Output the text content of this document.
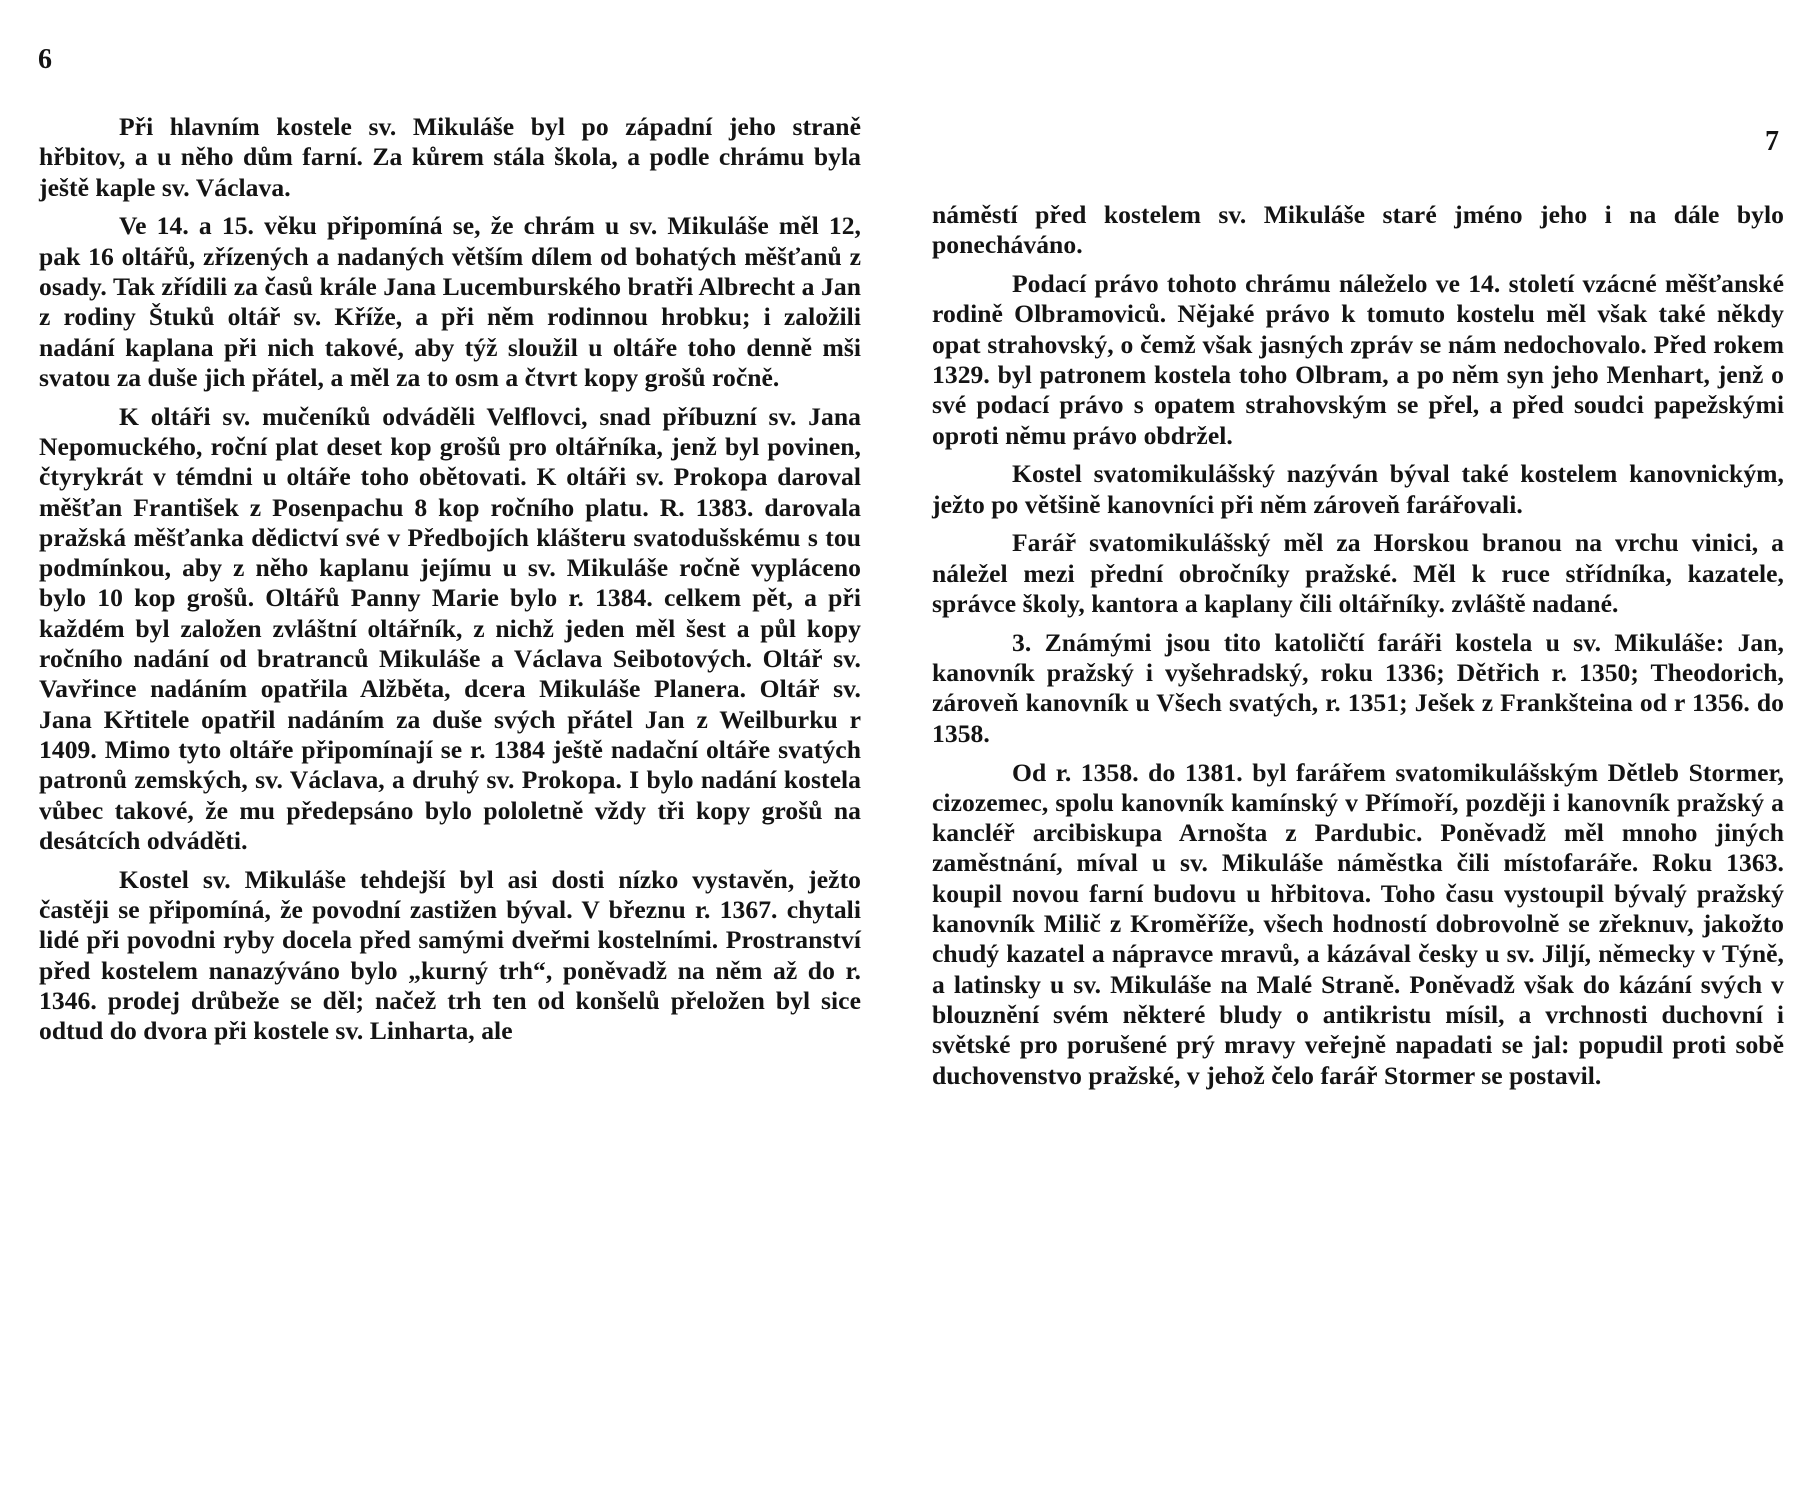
6

Při hlavním kostele sv. Mikuláše byl po západní jeho straně hřbitov, a u něho dům farní. Za kůrem stála škola, a podle chrámu byla ještě kaple sv. Václava.

Ve 14. a 15. věku připomíná se, že chrám u sv. Mikuláše měl 12, pak 16 oltářů, zřízených a nadaných větším dílem od bohatých měšťanů z osady. Tak zřídili za časů krále Jana Lucemburského bratři Albrecht a Jan z rodiny Štuků oltář sv. Kříže, a při něm rodinnou hrobku; i založili nadání kaplana při nich takové, aby týž sloužil u oltáře toho denně mši svatou za duše jich přátel, a měl za to osm a čtvrt kopy grošů ročně.

K oltáři sv. mučeníků odváděli Velflovci, snad příbuzní sv. Jana Nepomuckého, roční plat deset kop grošů pro oltářníka, jenž byl povinen, čtyrykrát v témdni u oltáře toho obětovati. K oltáři sv. Prokopa daroval měšťan František z Posenpachu 8 kop ročního platu. R. 1383. darovala pražská měšťanka dědictví své v Předbojích klášteru svatodušskému s tou podmínkou, aby z něho kaplanu jejímu u sv. Mikuláše ročně vypláceno bylo 10 kop grošů. Oltářů Panny Marie bylo r. 1384. celkem pět, a při každém byl založen zvláštní oltářník, z nichž jeden měl šest a půl kopy ročního nadání od bratranců Mikuláše a Václava Seibotových. Oltář sv. Vavřince nadáním opatřila Alžběta, dcera Mikuláše Planera. Oltář sv. Jana Křtitele opatřil nadáním za duše svých přátel Jan z Weilburku r 1409. Mimo tyto oltáře připomínají se r. 1384 ještě nadační oltáře svatých patronů zemských, sv. Václava, a druhý sv. Prokopa. I bylo nadání kostela vůbec takové, že mu předepsáno bylo pololetně vždy tři kopy grošů na desátcích odváděti.

Kostel sv. Mikuláše tehdejší byl asi dosti nízko vystavěn, ježto častěji se připomíná, že povodní zastižen býval. V březnu r. 1367. chytali lidé při povodni ryby docela před samými dveřmi kostelními. Prostranství před kostelem nanazýváno bylo „kurný trh“, poněvadž na něm až do r. 1346. prodej drůbeže se děl; načež trh ten od konšelů přeložen byl sice odtud do dvora při kostele sv. Linharta, ale

7

náměstí před kostelem sv. Mikuláše staré jméno jeho i na dále bylo ponecháváno.

Podací právo tohoto chrámu náleželo ve 14. století vzácné měšťanské rodině Olbramoviců. Nějaké právo k tomuto kostelu měl však také někdy opat strahovský, o čemž však jasných zpráv se nám nedochovalo. Před rokem 1329. byl patronem kostela toho Olbram, a po něm syn jeho Menhart, jenž o své podací právo s opatem strahovským se přel, a před soudci papežskými oproti němu právo obdržel.

Kostel svatomikulášský nazýván býval také kostelem kanovnickým, ježto po většině kanovníci při něm zároveň farářovali.

Farář svatomikulášský měl za Horskou branou na vrchu vinici, a náležel mezi přední obročníky pražské. Měl k ruce střídníka, kazatele, správce školy, kantora a kaplany čili oltářníky. zvláště nadané.

3. Známými jsou tito katoličtí faráři kostela u sv. Mikuláše: Jan, kanovník pražský i vyšehradský, roku 1336; Dětřich r. 1350; Theodorich, zároveň kanovník u Všech svatých, r. 1351; Ješek z Frankšteina od r 1356. do 1358.

Od r. 1358. do 1381. byl farářem svatomikulášským Dětleb Stormer, cizozemec, spolu kanovník kamínský v Přímoří, později i kanovník pražský a kancléř arcibiskupa Arnošta z Pardubic. Poněvadž měl mnoho jiných zaměstnání, míval u sv. Mikuláše náměstka čili místofaráře. Roku 1363. koupil novou farní budovu u hřbitova. Toho času vystoupil bývalý pražský kanovník Milič z Kroměříže, všech hodností dobrovolně se zřeknuv, jakožto chudý kazatel a nápravce mravů, a kázával česky u sv. Jiljí, německy v Týně, a latinsky u sv. Mikuláše na Malé Straně. Poněvadž však do kázání svých v blouznění svém některé bludy o antikristu mísil, a vrchnosti duchovní i světské pro porušené prý mravy veřejně napadati se jal: popudil proti sobě duchovenstvo pražské, v jehož čelo farář Stormer se postavil.
